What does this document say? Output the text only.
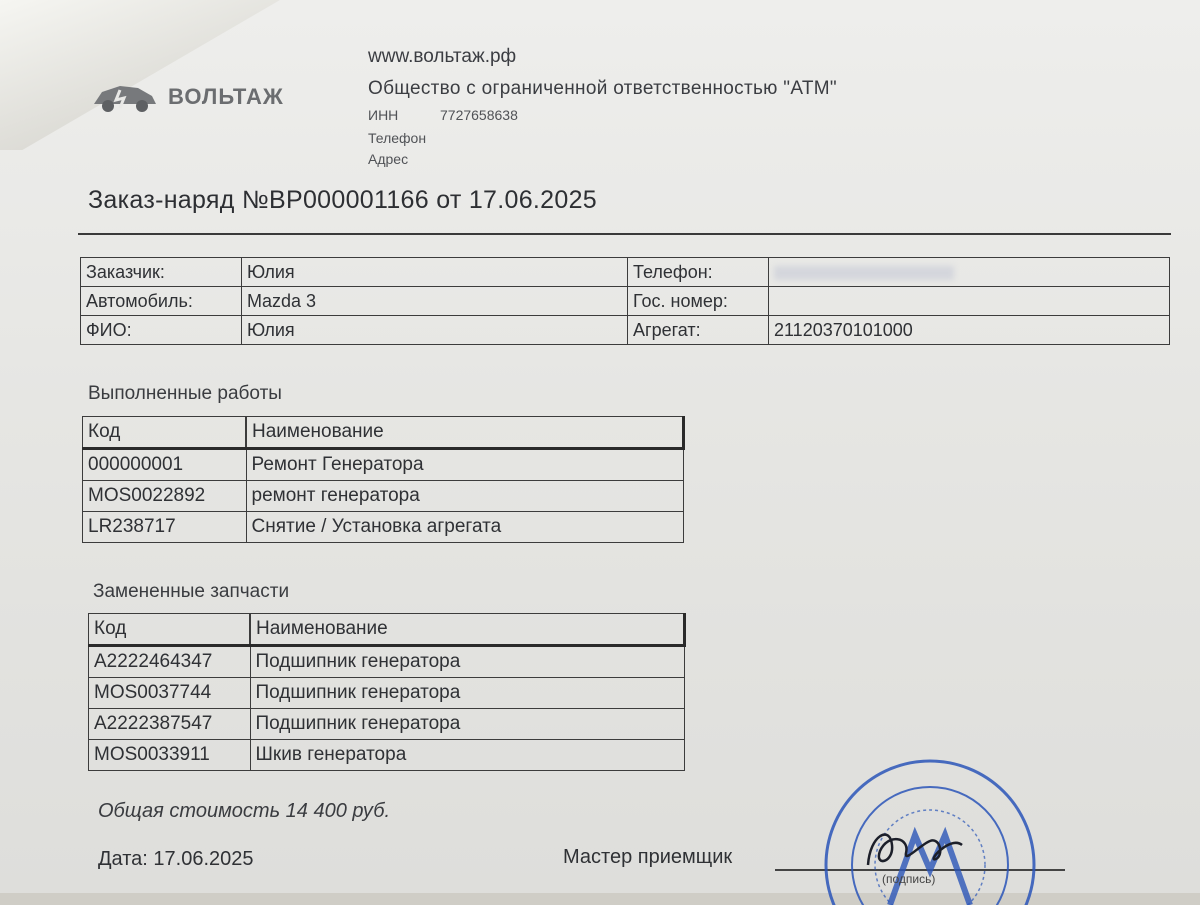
ВОЛЬТАЖ
www.вольтаж.рф
Общество с ограниченной ответственностью "АТМ"
ИНН	7727658638
Телефон
Адрес
Заказ-наряд №ВР000001166 от 17.06.2025
Заказчик:	Юлия	Телефон:	
Автомобиль:	Mazda 3	Гос. номер:	
ФИО:	Юлия	Агрегат:	21120370101000
Выполненные работы
Код	Наименование
000000001	Ремонт Генератора
MOS0022892	ремонт генератора
LR238717	Снятие / Установка агрегата
Замененные запчасти
Код	Наименование
A2222464347	Подшипник генератора
MOS0037744	Подшипник генератора
A2222387547	Подшипник генератора
MOS0033911	Шкив генератора
Общая стоимость 14 400 руб.
Дата: 17.06.2025	Мастер приемщик
(подпись)
